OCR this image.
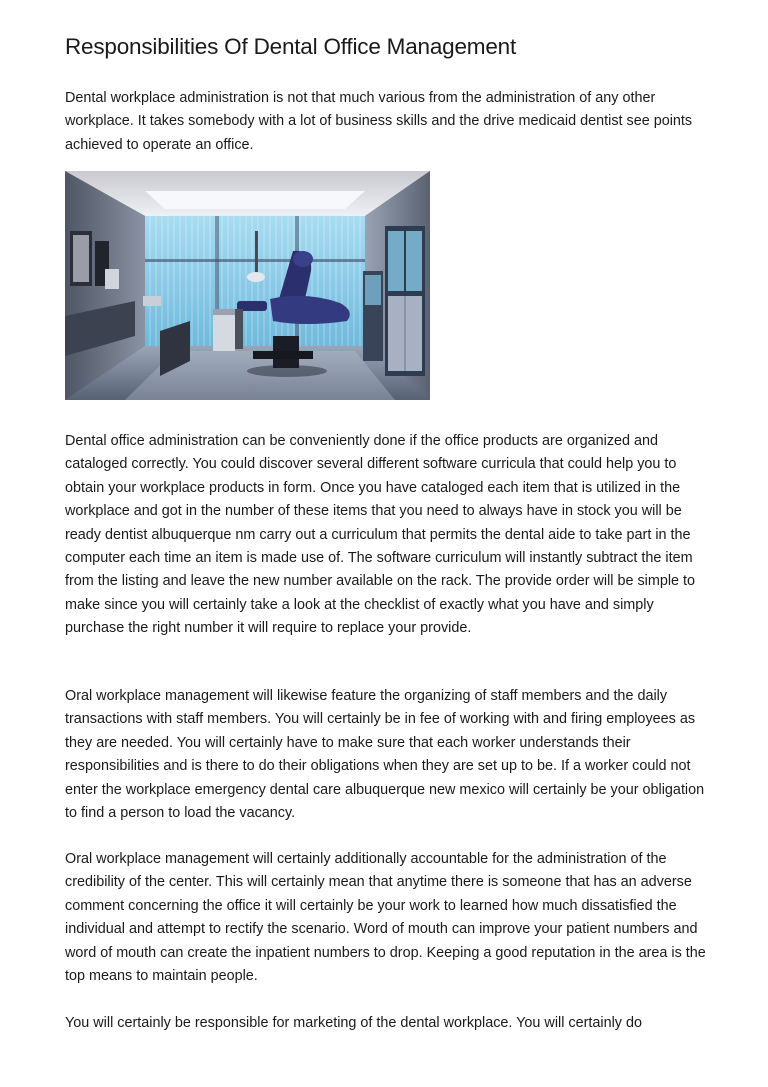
Responsibilities Of Dental Office Management

Dental workplace administration is not that much various from the administration of any other workplace. It takes somebody with a lot of business skills and the drive medicaid dentist see points achieved to operate an office.

Dental office administration can be conveniently done if the office products are organized and cataloged correctly. You could discover several different software curricula that could help you to obtain your workplace products in form. Once you have cataloged each item that is utilized in the workplace and got in the number of these items that you need to always have in stock you will be ready dentist albuquerque nm carry out a curriculum that permits the dental aide to take part in the computer each time an item is made use of. The software curriculum will instantly subtract the item from the listing and leave the new number available on the rack. The provide order will be simple to make since you will certainly take a look at the checklist of exactly what you have and simply purchase the right number it will require to replace your provide.

Oral workplace management will likewise feature the organizing of staff members and the daily transactions with staff members. You will certainly be in fee of working with and firing employees as they are needed. You will certainly have to make sure that each worker understands their responsibilities and is there to do their obligations when they are set up to be. If a worker could not enter the workplace emergency dental care albuquerque new mexico will certainly be your obligation to find a person to load the vacancy.

Oral workplace management will certainly additionally accountable for the administration of the credibility of the center. This will certainly mean that anytime there is someone that has an adverse comment concerning the office it will certainly be your work to learned how much dissatisfied the individual and attempt to rectify the scenario. Word of mouth can improve your patient numbers and word of mouth can create the inpatient numbers to drop. Keeping a good reputation in the area is the top means to maintain people.

You will certainly be responsible for marketing of the dental workplace. You will certainly do
